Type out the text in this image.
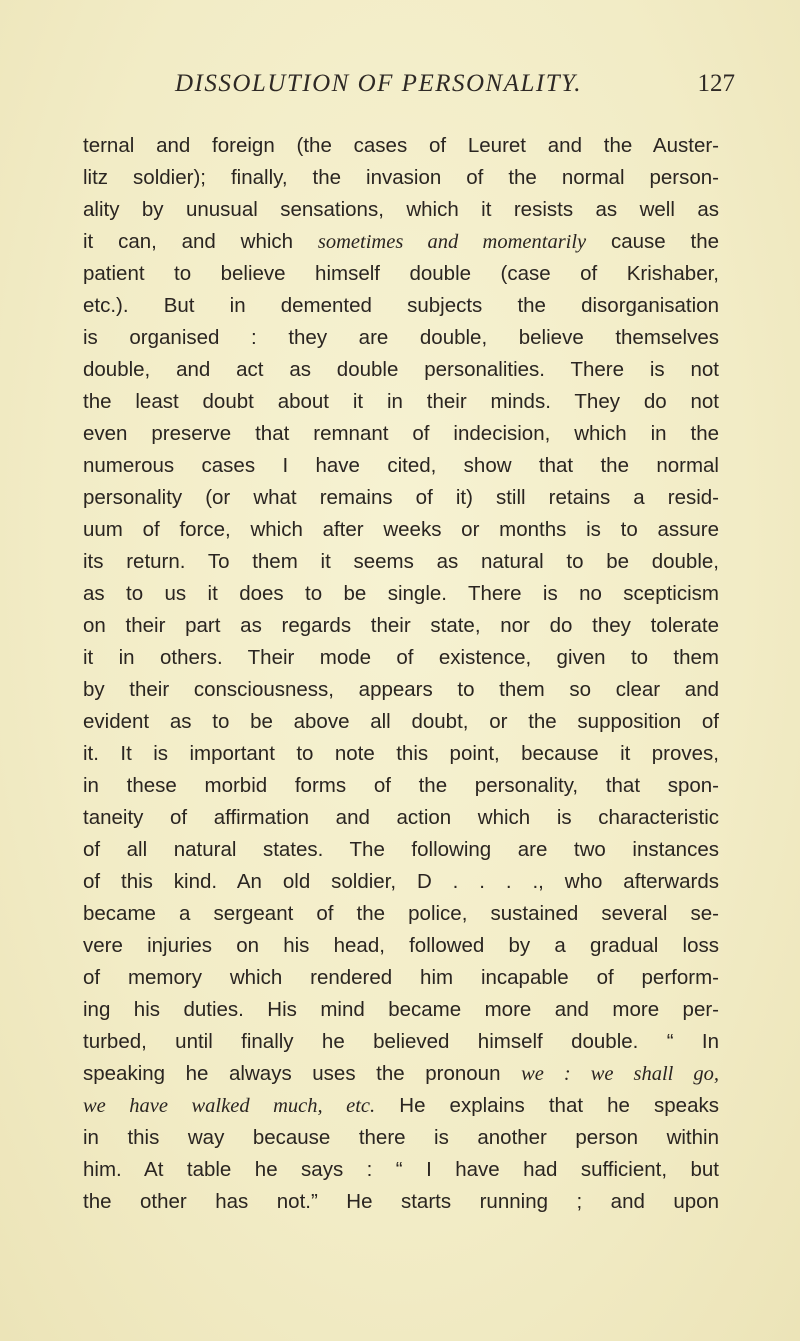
DISSOLUTION OF PERSONALITY.	127
ternal and foreign (the cases of Leuret and the Auster-
litz soldier); finally, the invasion of the normal person-
ality by unusual sensations, which it resists as well as
it can, and which sometimes and momentarily cause the
patient to believe himself double (case of Krishaber,
etc.). But in demented subjects the disorganisation
is organised : they are double, believe themselves
double, and act as double personalities. There is not
the least doubt about it in their minds. They do not
even preserve that remnant of indecision, which in the
numerous cases I have cited, show that the normal
personality (or what remains of it) still retains a resid-
uum of force, which after weeks or months is to assure
its return. To them it seems as natural to be double,
as to us it does to be single. There is no scepticism
on their part as regards their state, nor do they tolerate
it in others. Their mode of existence, given to them
by their consciousness, appears to them so clear and
evident as to be above all doubt, or the supposition of
it. It is important to note this point, because it proves,
in these morbid forms of the personality, that spon-
taneity of affirmation and action which is characteristic
of all natural states. The following are two instances
of this kind. An old soldier, D . . . ., who afterwards
became a sergeant of the police, sustained several se-
vere injuries on his head, followed by a gradual loss
of memory which rendered him incapable of perform-
ing his duties. His mind became more and more per-
turbed, until finally he believed himself double. “ In
speaking he always uses the pronoun we : we shall go,
we have walked much, etc. He explains that he speaks
in this way because there is another person within
him. At table he says : “ I have had sufficient, but
the other has not.” He starts running ; and upon
